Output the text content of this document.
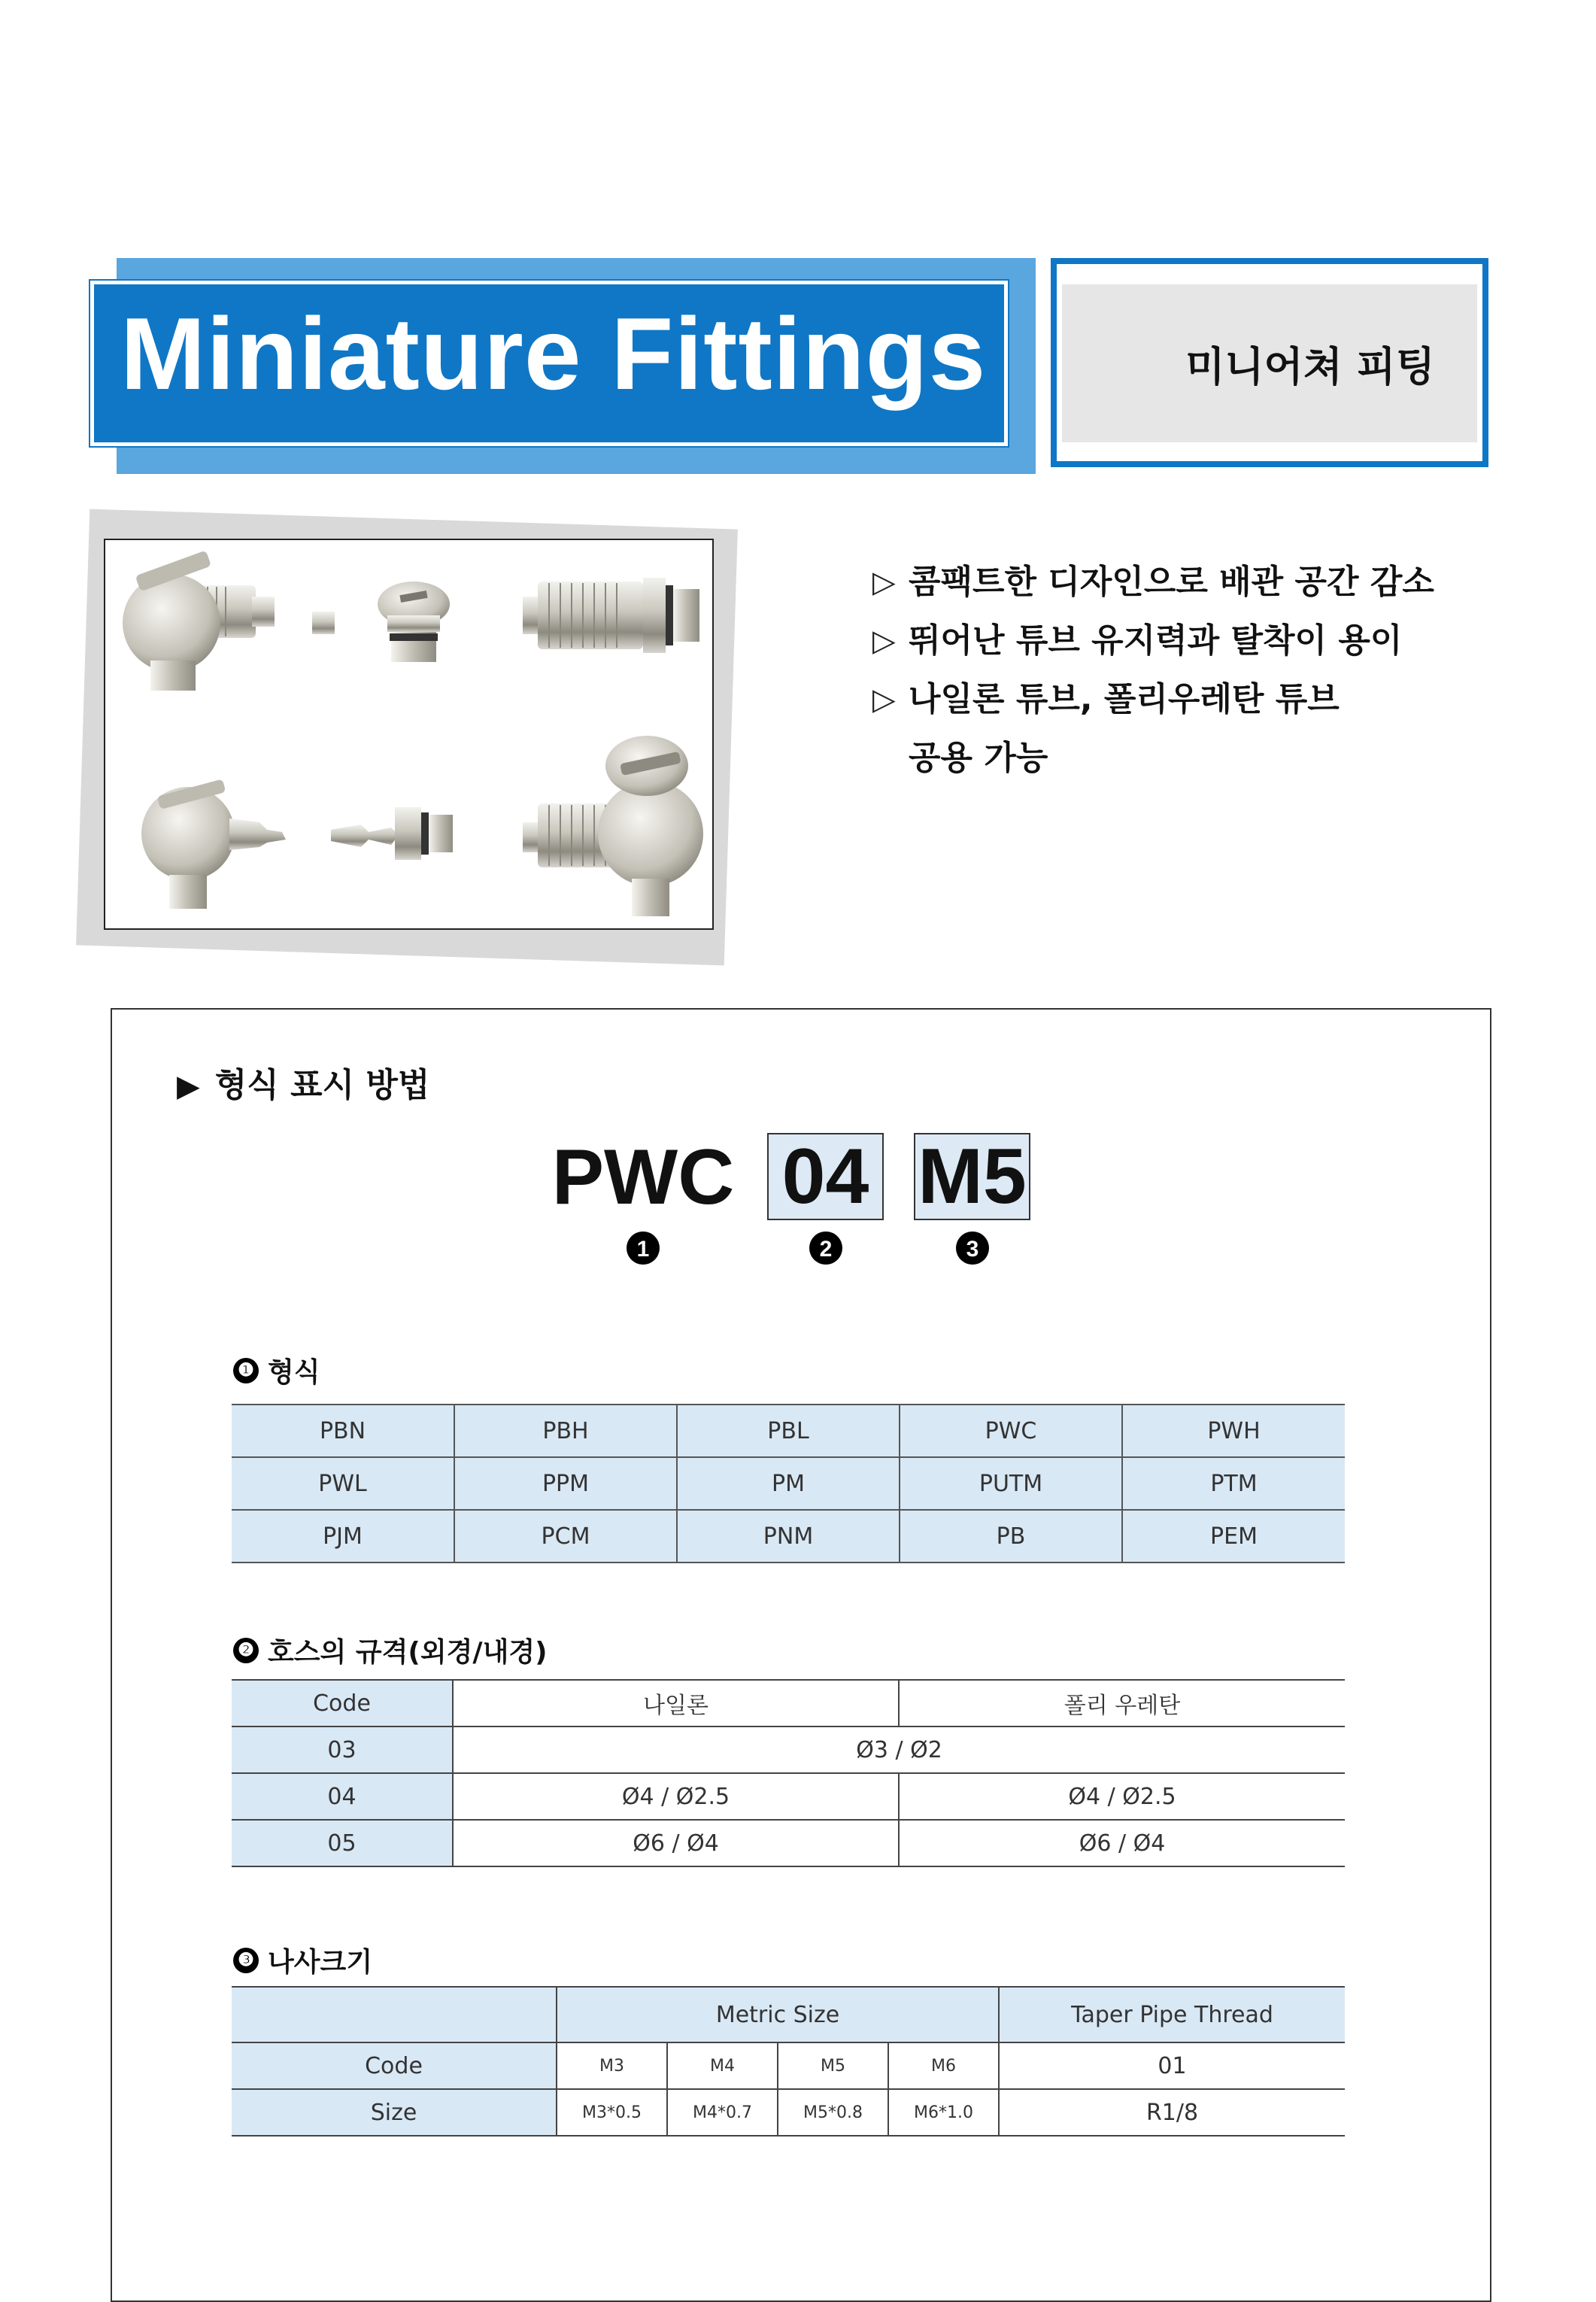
Miniature Fittings	미니어쳐 피팅
▷ 콤팩트한 디자인으로 배관 공간 감소
▷ 뛰어난 튜브 유지력과 탈착이 용이
▷ 나일론 튜브, 폴리우레탄 튜브
공용 가능
▶ 형식 표시 방법
PWC 04 M5
1	2	3
❶ 형식
PBN	PBH	PBL	PWC	PWH
PWL	PPM	PM	PUTM	PTM
PJM	PCM	PNM	PB	PEM
❷ 호스의 규격(외경/내경)
Code	나일론	폴리 우레탄
03	Ø3 / Ø2	
04	Ø4 / Ø2.5	Ø4 / Ø2.5
05	Ø6 / Ø4	Ø6 / Ø4
❸ 나사크기
	Metric Size				Taper Pipe Thread
Code	M3	M4	M5	M6	01
Size	M3*0.5	M4*0.7	M5*0.8	M6*1.0	R1/8
